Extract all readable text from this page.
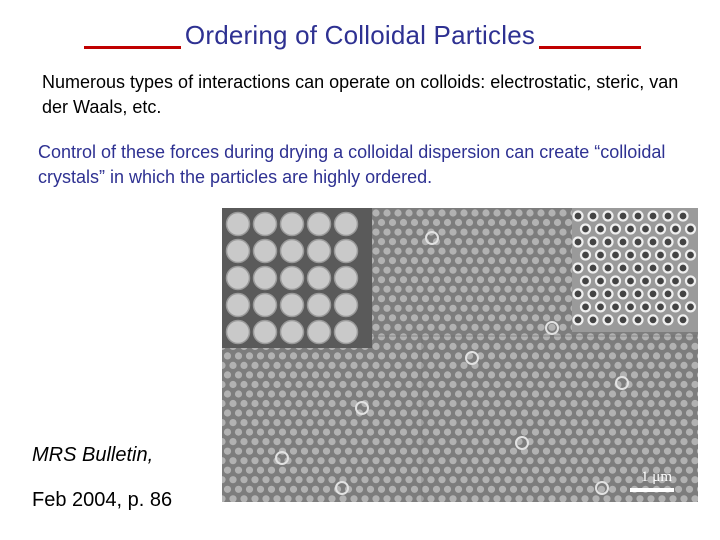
Ordering of Colloidal Particles
Numerous types of interactions can operate on colloids: electrostatic, steric, van der Waals, etc.
Control of these forces during drying a colloidal dispersion can create “colloidal crystals” in which the particles are highly ordered.
1 μm
MRS Bulletin,
Feb 2004, p. 86
